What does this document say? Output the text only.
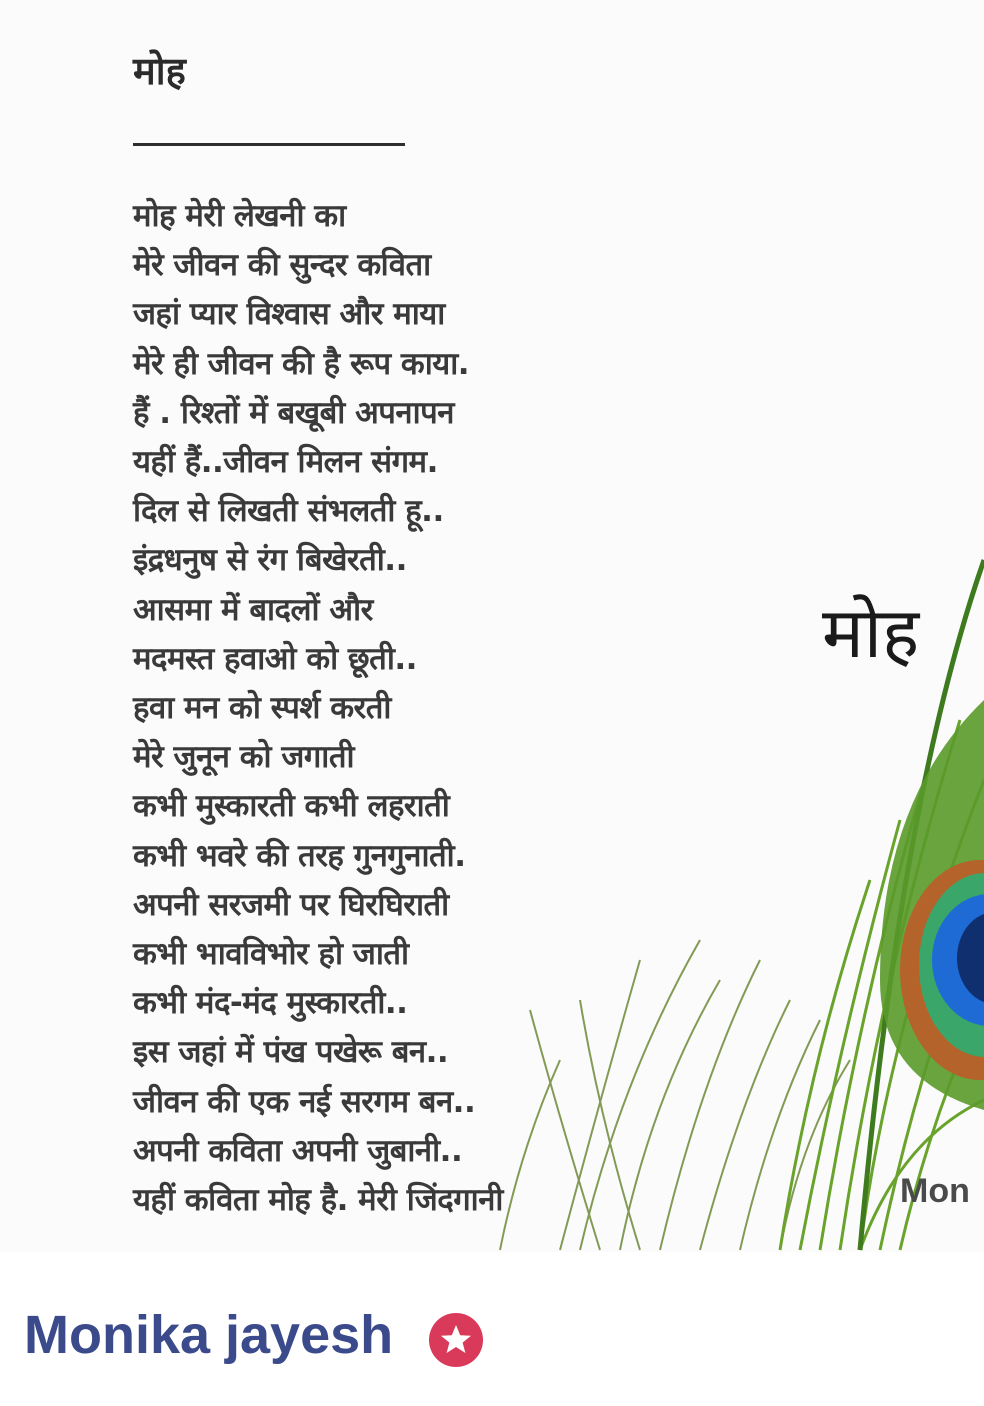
मोह
मोह मेरी लेखनी का
मेरे जीवन की सुन्दर कविता
जहां प्यार विश्वास और माया
मेरे ही जीवन की है रूप काया.
हैं . रिश्तों में बखूबी अपनापन
यहीं हैं..जीवन मिलन संगम.
दिल से लिखती संभलती हू..
इंद्रधनुष से रंग बिखेरती..
आसमा में बादलों और
मदमस्त हवाओ को छूती..
हवा मन को स्पर्श करती
मेरे जुनून को जगाती
कभी मुस्कारती कभी लहराती
कभी भवरे की तरह गुनगुनाती.
अपनी सरजमी पर घिरघिराती
कभी भावविभोर हो जाती
कभी मंद-मंद मुस्कारती..
इस जहां में पंख पखेरू बन..
जीवन की एक नई सरगम बन..
अपनी कविता अपनी जुबानी..
यहीं कविता मोह है. मेरी जिंदगानी
मोह
Mon
Monika jayesh
